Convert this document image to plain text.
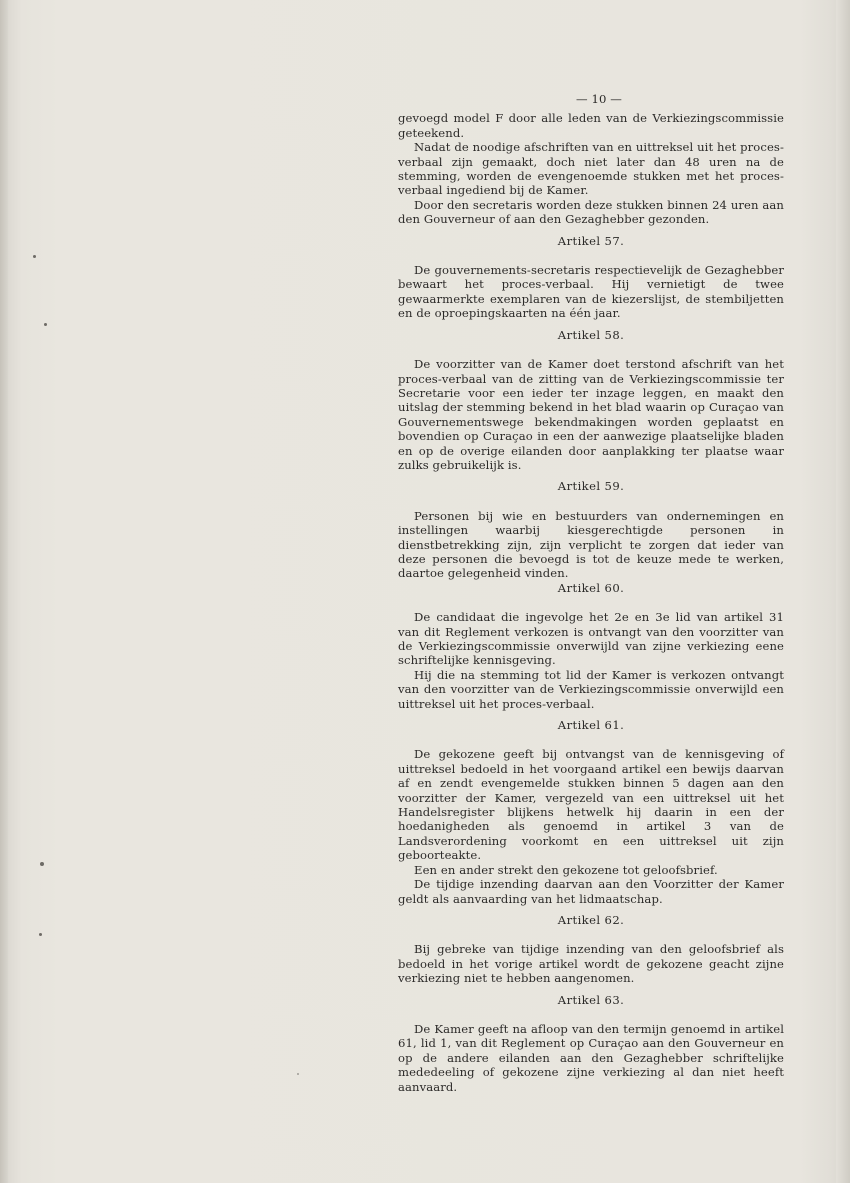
— 10 —

gevoegd model F door alle leden van de Verkiezingscommissie geteekend.

Nadat de noodige afschriften van en uittreksel uit het proces-verbaal zijn gemaakt, doch niet later dan 48 uren na de stemming, worden de evengenoemde stukken met het proces-verbaal ingediend bij de Kamer.

Door den secretaris worden deze stukken binnen 24 uren aan den Gouverneur of aan den Gezaghebber gezonden.

Artikel 57.

De gouvernements-secretaris respectievelijk de Gezaghebber bewaart het proces-verbaal. Hij vernietigt de twee gewaarmerkte exemplaren van de kiezerslijst, de stembiljetten en de oproepingskaarten na één jaar.

Artikel 58.

De voorzitter van de Kamer doet terstond afschrift van het proces-verbaal van de zitting van de Verkiezingscommissie ter Secretarie voor een ieder ter inzage leggen, en maakt den uitslag der stemming bekend in het blad waarin op Curaçao van Gouvernementswege bekendmakingen worden geplaatst en bovendien op Curaçao in een der aanwezige plaatselijke bladen en op de overige eilanden door aanplakking ter plaatse waar zulks gebruikelijk is.

Artikel 59.

Personen bij wie en bestuurders van ondernemingen en instellingen waarbij kiesgerechtigde personen in dienstbetrekking zijn, zijn verplicht te zorgen dat ieder van deze personen die bevoegd is tot de keuze mede te werken, daartoe gelegenheid vinden.

Artikel 60.

De candidaat die ingevolge het 2e en 3e lid van artikel 31 van dit Reglement verkozen is ontvangt van den voorzitter van de Verkiezingscommissie onverwijld van zijne verkiezing eene schriftelijke kennisgeving.

Hij die na stemming tot lid der Kamer is verkozen ontvangt van den voorzitter van de Verkiezingscommissie onverwijld een uittreksel uit het proces-verbaal.

Artikel 61.

De gekozene geeft bij ontvangst van de kennisgeving of uittreksel bedoeld in het voorgaand artikel een bewijs daarvan af en zendt evengemelde stukken binnen 5 dagen aan den voorzitter der Kamer, vergezeld van een uittreksel uit het Handelsregister blijkens hetwelk hij daarin in een der hoedanigheden als genoemd in artikel 3 van de Landsverordening voorkomt en een uittreksel uit zijn geboorteakte.

Een en ander strekt den gekozene tot geloofsbrief.

De tijdige inzending daarvan aan den Voorzitter der Kamer geldt als aanvaarding van het lidmaatschap.

Artikel 62.

Bij gebreke van tijdige inzending van den geloofsbrief als bedoeld in het vorige artikel wordt de gekozene geacht zijne verkiezing niet te hebben aangenomen.

Artikel 63.

De Kamer geeft na afloop van den termijn genoemd in artikel 61, lid 1, van dit Reglement op Curaçao aan den Gouverneur en op de andere eilanden aan den Gezaghebber schriftelijke mededeeling of gekozene zijne verkiezing al dan niet heeft aanvaard.
